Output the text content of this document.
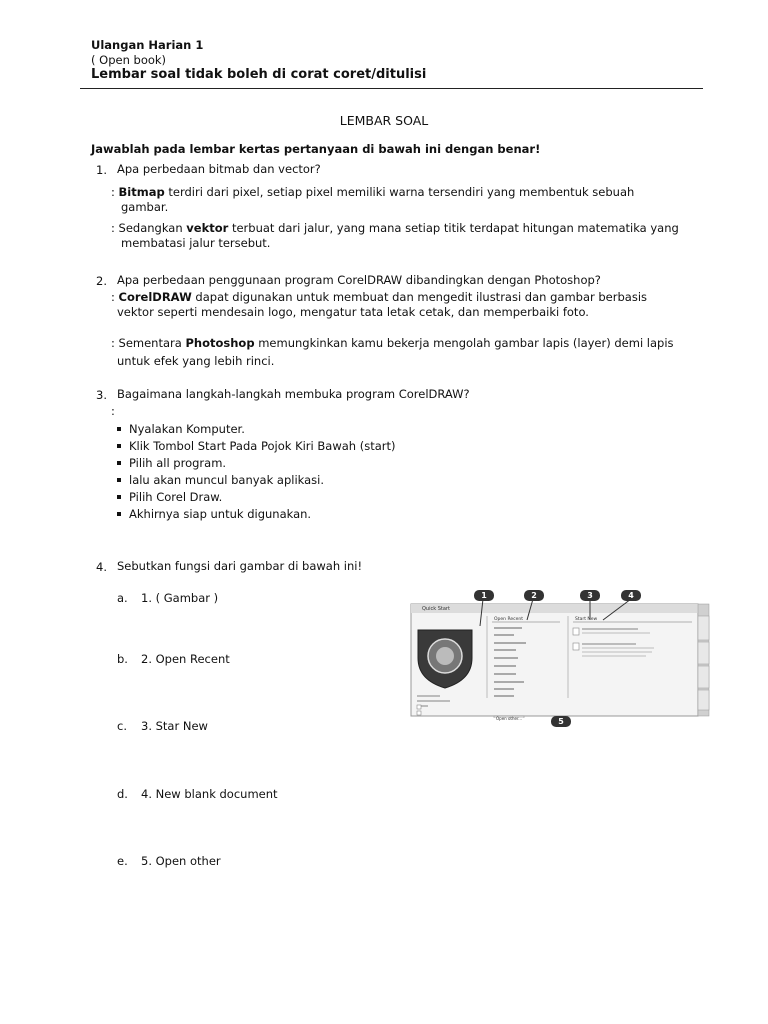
Ulangan Harian 1
( Open book)
Lembar soal tidak boleh di corat coret/ditulisi
LEMBAR SOAL
Jawablah pada lembar kertas pertanyaan di bawah ini dengan benar!
1. Apa perbedaan bitmab dan vector?
: Bitmap terdiri dari pixel, setiap pixel memiliki warna tersendiri yang membentuk sebuah
gambar.
: Sedangkan vektor terbuat dari jalur, yang mana setiap titik terdapat hitungan matematika yang
membatasi jalur tersebut.
2. Apa perbedaan penggunaan program CorelDRAW dibandingkan dengan Photoshop?
: CorelDRAW dapat digunakan untuk membuat dan mengedit ilustrasi dan gambar berbasis
vektor seperti mendesain logo, mengatur tata letak cetak, dan memperbaiki foto.
: Sementara Photoshop memungkinkan kamu bekerja mengolah gambar lapis (layer) demi lapis
untuk efek yang lebih rinci.
3. Bagaimana langkah-langkah membuka program CorelDRAW?
:
Nyalakan Komputer.
Klik Tombol Start Pada Pojok Kiri Bawah (start)
Pilih all program.
lalu akan muncul banyak aplikasi.
Pilih Corel Draw.
Akhirnya siap untuk digunakan.
4. Sebutkan fungsi dari gambar di bawah ini!
a. 1. ( Gambar )
b. 2. Open Recent
c. 3. Star New
d. 4. New blank document
e. 5. Open other
1	2	3	4
5
Quick Start
Open Recent	Start New
Open other...
